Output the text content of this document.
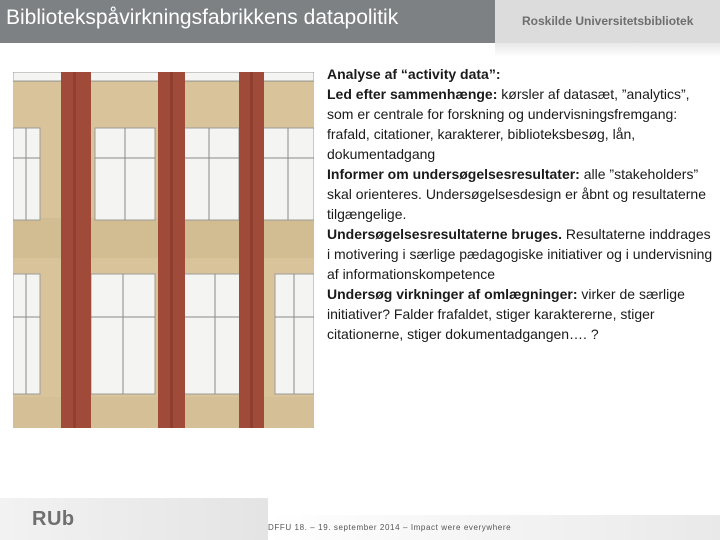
Bibliotekspåvirkningsfabrikkens datapolitik	Roskilde Universitetsbibliotek

Analyse af “activity data”:

Led efter sammenhænge: kørsler af datasæt, ”analytics”, som er centrale for forskning og undervisningsfremgang: frafald, citationer, karakterer, biblioteksbesøg, lån, dokumentadgang

Informer om undersøgelsesresultater: alle ”stakeholders” skal orienteres. Undersøgelsesdesign er åbnt og resultaterne tilgængelige.

Undersøgelsesresultaterne bruges. Resultaterne inddrages i motivering i særlige pædagogiske initiativer og i undervisning af informationskompetence

Undersøg virkninger af omlægninger: virker de særlige initiativer? Falder frafaldet, stiger karaktererne, stiger citationerne, stiger dokumentadgangen…. ?

RUb	DFFU 18. – 19. september 2014 – Impact were everywhere
